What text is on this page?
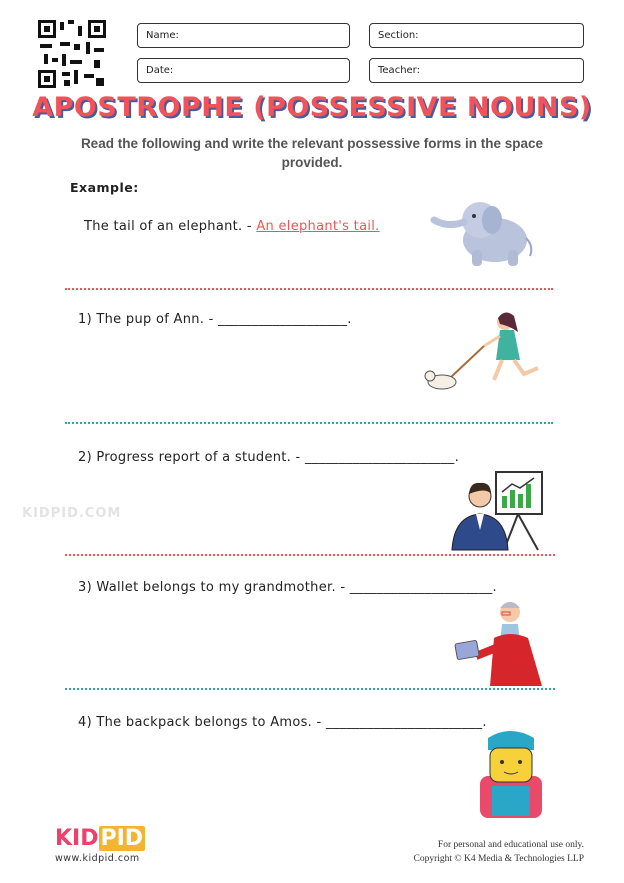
Name:
Date:
Section:
Teacher:
APOSTROPHE (POSSESSIVE NOUNS)
Read the following and write the relevant possessive forms in the space provided.
Example:
The tail of an elephant. - An elephant's tail.
1) The pup of Ann. - ___________________.
2) Progress report of a student. - ______________________.
KIDPID.COM
3) Wallet belongs to my grandmother. - _____________________.
4) The backpack belongs to Amos. - _______________________.
KIDPID
www.kidpid.com
For personal and educational use only.
Copyright © K4 Media & Technologies LLP
